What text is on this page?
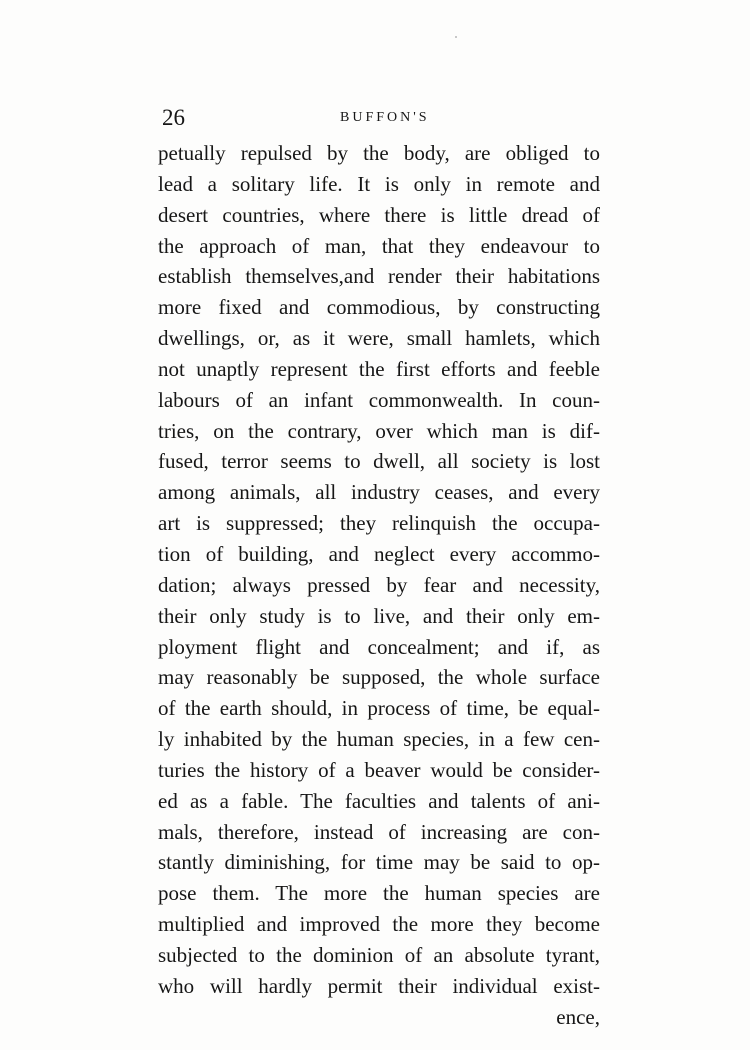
26	BUFFON'S
petually repulsed by the body, are obliged to
lead a solitary life. It is only in remote and
desert countries, where there is little dread of
the approach of man, that they endeavour to
establish themselves,and render their habitations
more fixed and commodious, by constructing
dwellings, or, as it were, small hamlets, which
not unaptly represent the first efforts and feeble
labours of an infant commonwealth. In coun-
tries, on the contrary, over which man is dif-
fused, terror seems to dwell, all society is lost
among animals, all industry ceases, and every
art is suppressed; they relinquish the occupa-
tion of building, and neglect every accommo-
dation; always pressed by fear and necessity,
their only study is to live, and their only em-
ployment flight and concealment; and if, as
may reasonably be supposed, the whole surface
of the earth should, in process of time, be equal-
ly inhabited by the human species, in a few cen-
turies the history of a beaver would be consider-
ed as a fable. The faculties and talents of ani-
mals, therefore, instead of increasing are con-
stantly diminishing, for time may be said to op-
pose them. The more the human species are
multiplied and improved the more they become
subjected to the dominion of an absolute tyrant,
who will hardly permit their individual exist-
ence,
